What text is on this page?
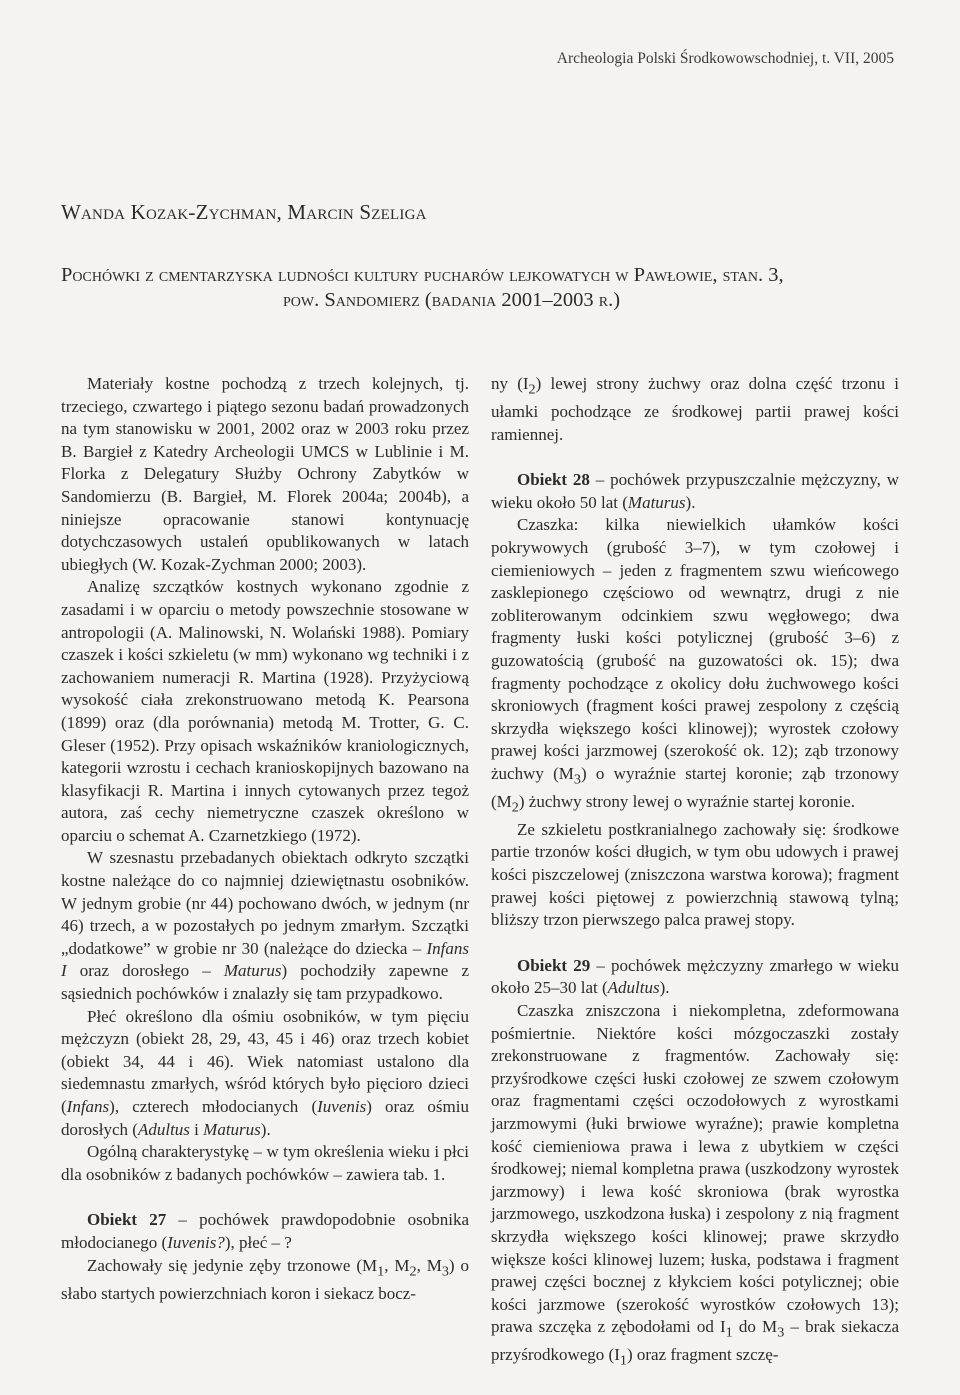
Archeologia Polski Środkowowschodniej, t. VII, 2005
Wanda Kozak-Zychman, Marcin Szeliga
Pochówki z cmentarzyska ludności kultury pucharów lejkowatych w Pawłowie, stan. 3,
pow. Sandomierz (badania 2001–2003 r.)

Materiały kostne pochodzą z trzech kolejnych, tj. trzeciego, czwartego i piątego sezonu badań prowadzonych na tym stanowisku w 2001, 2002 oraz w 2003 roku przez B. Bargieł z Katedry Archeologii UMCS w Lublinie i M. Florka z Delegatury Służby Ochrony Zabytków w Sandomierzu (B. Bargieł, M. Florek 2004a; 2004b), a niniejsze opracowanie stanowi kontynuację dotychczasowych ustaleń opublikowanych w latach ubiegłych (W. Kozak-Zychman 2000; 2003).

Analizę szczątków kostnych wykonano zgodnie z zasadami i w oparciu o metody powszechnie stosowane w antropologii (A. Malinowski, N. Wolański 1988). Pomiary czaszek i kości szkieletu (w mm) wykonano wg techniki i z zachowaniem numeracji R. Martina (1928). Przyżyciową wysokość ciała zrekonstruowano metodą K. Pearsona (1899) oraz (dla porównania) metodą M. Trotter, G. C. Gleser (1952). Przy opisach wskaźników kraniologicznych, kategorii wzrostu i cechach kranioskopijnych bazowano na klasyfikacji R. Martina i innych cytowanych przez tegoż autora, zaś cechy niemetryczne czaszek określono w oparciu o schemat A. Czarnetzkiego (1972).

W szesnastu przebadanych obiektach odkryto szczątki kostne należące do co najmniej dziewiętnastu osobników. W jednym grobie (nr 44) pochowano dwóch, w jednym (nr 46) trzech, a w pozostałych po jednym zmarłym. Szczątki „dodatkowe” w grobie nr 30 (należące do dziecka – Infans I oraz dorosłego – Maturus) pochodziły zapewne z sąsiednich pochówków i znalazły się tam przypadkowo.

Płeć określono dla ośmiu osobników, w tym pięciu mężczyzn (obiekt 28, 29, 43, 45 i 46) oraz trzech kobiet (obiekt 34, 44 i 46). Wiek natomiast ustalono dla siedemnastu zmarłych, wśród których było pięcioro dzieci (Infans), czterech młodocianych (Iuvenis) oraz ośmiu dorosłych (Adultus i Maturus).

Ogólną charakterystykę – w tym określenia wieku i płci dla osobników z badanych pochówków – zawiera tab. 1.

Obiekt 27 – pochówek prawdopodobnie osobnika młodocianego (Iuvenis?), płeć – ?

Zachowały się jedynie zęby trzonowe ($M_1$, $M_2$, $M_3$) o słabo startych powierzchniach koron i siekacz bocz-

ny $(I_2)$ lewej strony żuchwy oraz dolna część trzonu i ułamki pochodzące ze środkowej partii prawej kości ramiennej.

Obiekt 28 – pochówek przypuszczalnie mężczyzny, w wieku około 50 lat (Maturus).

Czaszka: kilka niewielkich ułamków kości pokrywowych (grubość 3–7), w tym czołowej i ciemieniowych – jeden z fragmentem szwu wieńcowego zasklepionego częściowo od wewnątrz, drugi z nie zobliterowanym odcinkiem szwu węgłowego; dwa fragmenty łuski kości potylicznej (grubość 3–6) z guzowatością (grubość na guzowatości ok. 15); dwa fragmenty pochodzące z okolicy dołu żuchwowego kości skroniowych (fragment kości prawej zespolony z częścią skrzydła większego kości klinowej); wyrostek czołowy prawej kości jarzmowej (szerokość ok. 12); ząb trzonowy żuchwy $(M_3)$ o wyraźnie startej koronie; ząb trzonowy $(M_2)$ żuchwy strony lewej o wyraźnie startej koronie.

Ze szkieletu postkranialnego zachowały się: środkowe partie trzonów kości długich, w tym obu udowych i prawej kości piszczelowej (zniszczona warstwa korowa); fragment prawej kości piętowej z powierzchnią stawową tylną; bliższy trzon pierwszego palca prawej stopy.

Obiekt 29 – pochówek mężczyzny zmarłego w wieku około 25–30 lat (Adultus).

Czaszka zniszczona i niekompletna, zdeformowana pośmiertnie. Niektóre kości mózgoczaszki zostały zrekonstruowane z fragmentów. Zachowały się: przyśrodkowe części łuski czołowej ze szwem czołowym oraz fragmentami części oczodołowych z wyrostkami jarzmowymi (łuki brwiowe wyraźne); prawie kompletna kość ciemieniowa prawa i lewa z ubytkiem w części środkowej; niemal kompletna prawa (uszkodzony wyrostek jarzmowy) i lewa kość skroniowa (brak wyrostka jarzmowego, uszkodzona łuska) i zespolony z nią fragment skrzydła większego kości klinowej; prawe skrzydło większe kości klinowej luzem; łuska, podstawa i fragment prawej części bocznej z kłykciem kości potylicznej; obie kości jarzmowe (szerokość wyrostków czołowych 13); prawa szczęka z zębodołami od $I_1$ do $M_3$ – brak siekacza przyśrodkowego $(I_1)$ oraz fragment szczę-
